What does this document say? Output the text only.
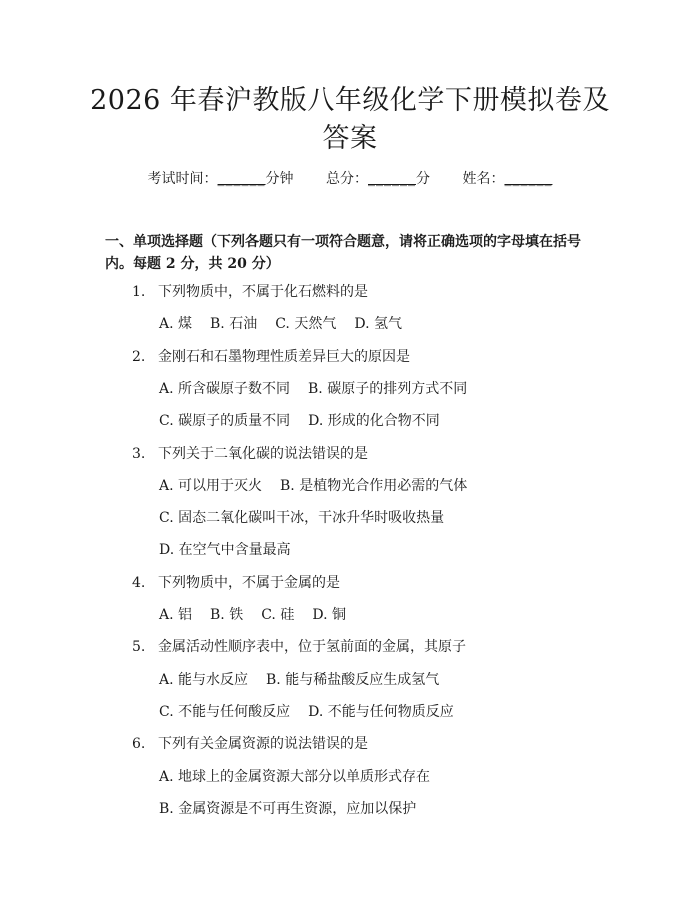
2026 年春沪教版八年级化学下册模拟卷及答案
考试时间：______分钟 总分：______分 姓名：______
一、单项选择题（下列各题只有一项符合题意，请将正确选项的字母填在括号内。每题 2 分，共 20 分）
1. 下列物质中，不属于化石燃料的是
A. 煤 B. 石油 C. 天然气 D. 氢气
2. 金刚石和石墨物理性质差异巨大的原因是
A. 所含碳原子数不同 B. 碳原子的排列方式不同
C. 碳原子的质量不同 D. 形成的化合物不同
3. 下列关于二氧化碳的说法错误的是
A. 可以用于灭火 B. 是植物光合作用必需的气体
C. 固态二氧化碳叫干冰，干冰升华时吸收热量
D. 在空气中含量最高
4. 下列物质中，不属于金属的是
A. 铝 B. 铁 C. 硅 D. 铜
5. 金属活动性顺序表中，位于氢前面的金属，其原子
A. 能与水反应 B. 能与稀盐酸反应生成氢气
C. 不能与任何酸反应 D. 不能与任何物质反应
6. 下列有关金属资源的说法错误的是
A. 地球上的金属资源大部分以单质形式存在
B. 金属资源是不可再生资源，应加以保护
